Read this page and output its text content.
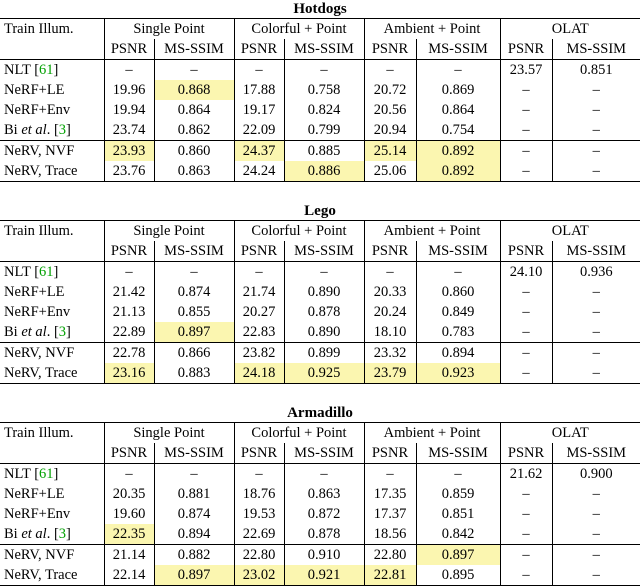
Hotdogs
Train Illum.	Single Point		Colorful + Point		Ambient + Point		OLAT	
	PSNR	MS-SSIM	PSNR	MS-SSIM	PSNR	MS-SSIM	PSNR	MS-SSIM
NLT [61]	–	–	–	–	–	–	23.57	0.851
NeRF+LE	19.96	0.868	17.88	0.758	20.72	0.869	–	–
NeRF+Env	19.94	0.864	19.17	0.824	20.56	0.864	–	–
Bi et al. [3]	23.74	0.862	22.09	0.799	20.94	0.754	–	–
NeRV, NVF	23.93	0.860	24.37	0.885	25.14	0.892	–	–
NeRV, Trace	23.76	0.863	24.24	0.886	25.06	0.892	–	–
Lego
Train Illum.	Single Point		Colorful + Point		Ambient + Point		OLAT	
	PSNR	MS-SSIM	PSNR	MS-SSIM	PSNR	MS-SSIM	PSNR	MS-SSIM
NLT [61]	–	–	–	–	–	–	24.10	0.936
NeRF+LE	21.42	0.874	21.74	0.890	20.33	0.860	–	–
NeRF+Env	21.13	0.855	20.27	0.878	20.24	0.849	–	–
Bi et al. [3]	22.89	0.897	22.83	0.890	18.10	0.783	–	–
NeRV, NVF	22.78	0.866	23.82	0.899	23.32	0.894	–	–
NeRV, Trace	23.16	0.883	24.18	0.925	23.79	0.923	–	–
Armadillo
Train Illum.	Single Point		Colorful + Point		Ambient + Point		OLAT	
	PSNR	MS-SSIM	PSNR	MS-SSIM	PSNR	MS-SSIM	PSNR	MS-SSIM
NLT [61]	–	–	–	–	–	–	21.62	0.900
NeRF+LE	20.35	0.881	18.76	0.863	17.35	0.859	–	–
NeRF+Env	19.60	0.874	19.53	0.872	17.37	0.851	–	–
Bi et al. [3]	22.35	0.894	22.69	0.878	18.56	0.842	–	–
NeRV, NVF	21.14	0.882	22.80	0.910	22.80	0.897	–	–
NeRV, Trace	22.14	0.897	23.02	0.921	22.81	0.895	–	–
